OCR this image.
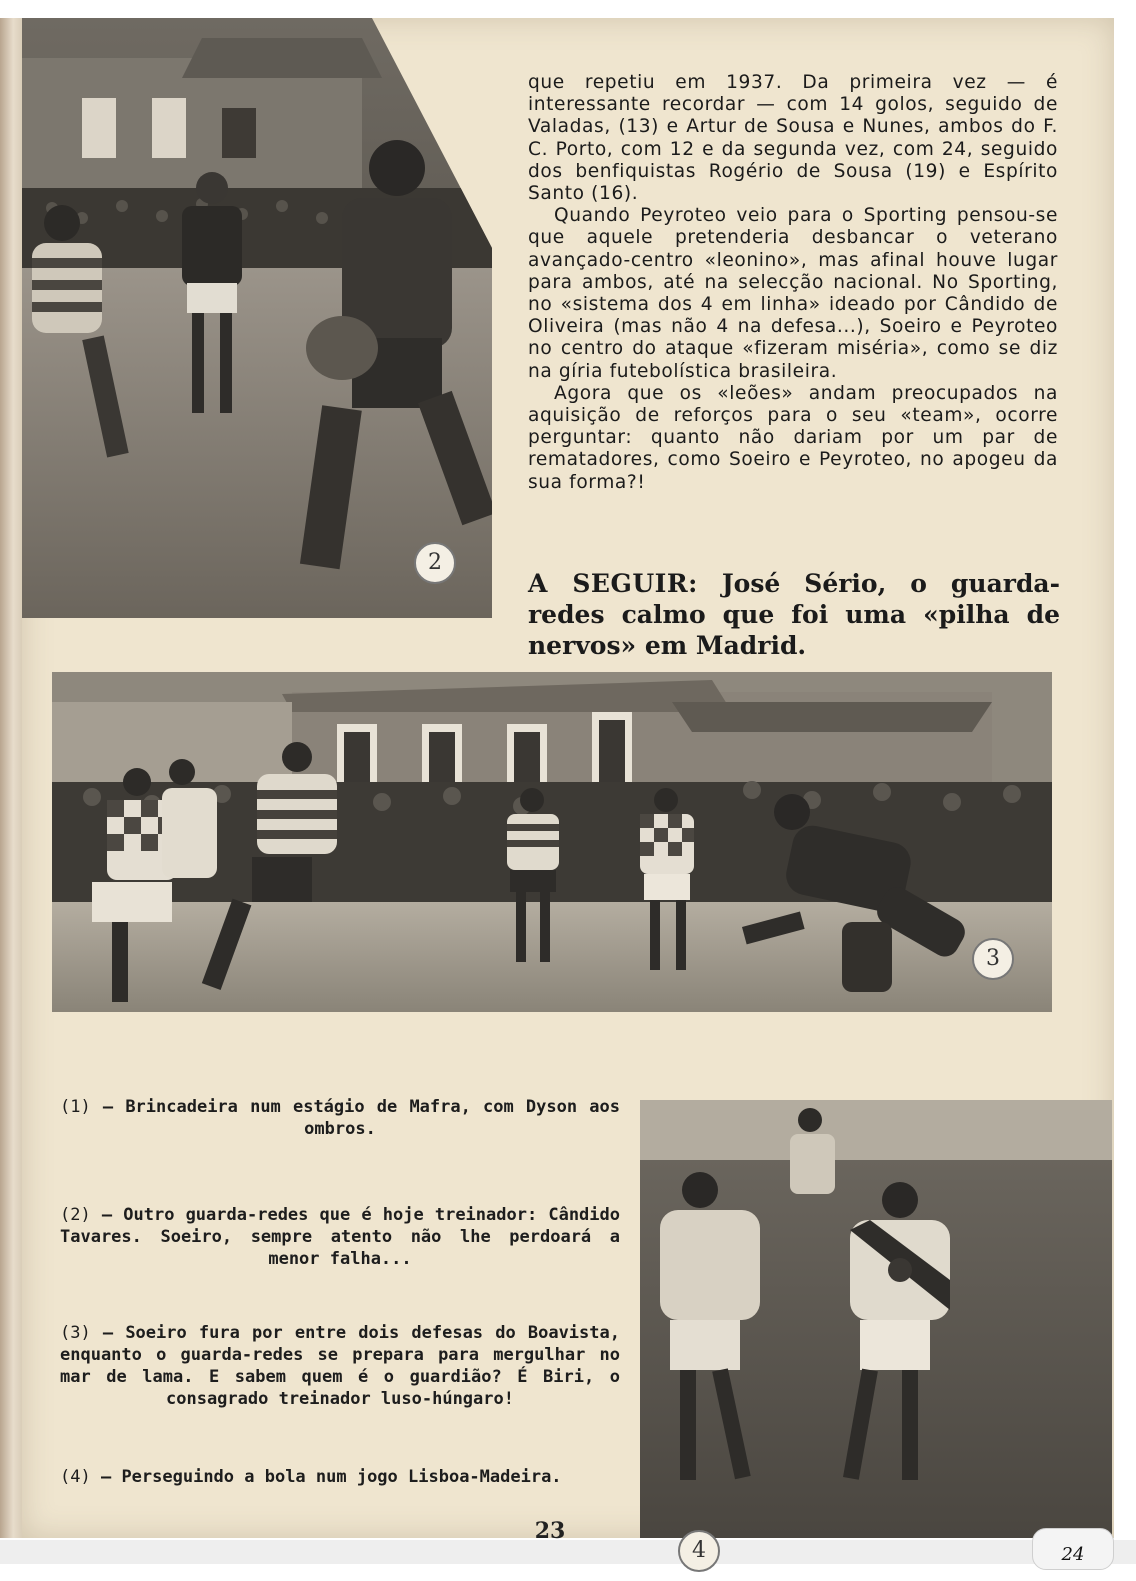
2

que repetiu em 1937. Da primeira vez — é interessante recordar — com 14 golos, seguido de Valadas, (13) e Artur de Sousa e Nunes, ambos do F. C. Porto, com 12 e da segunda vez, com 24, seguido dos benfiquistas Rogério de Sousa (19) e Espírito Santo (16).

Quando Peyroteo veio para o Sporting pensou-se que aquele pretenderia desbancar o veterano avançado-centro «leonino», mas afinal houve lugar para ambos, até na selecção nacional. No Sporting, no «sistema dos 4 em linha» ideado por Cândido de Oliveira (mas não 4 na defesa...), Soeiro e Peyroteo no centro do ataque «fizeram miséria», como se diz na gíria futebolística brasileira.

Agora que os «leões» andam preocupados na aquisição de reforços para o seu «team», ocorre perguntar: quanto não dariam por um par de rematadores, como Soeiro e Peyroteo, no apogeu da sua forma?!

A SEGUIR: José Sério, o guarda-redes calmo que foi uma «pilha de nervos» em Madrid.
3
(1) — Brincadeira num estágio de Mafra, com Dyson aos ombros.
(2) — Outro guarda-redes que é hoje treinador: Cândido Tavares. Soeiro, sempre atento não lhe perdoará a menor falha...
(3) — Soeiro fura por entre dois defesas do Boavista, enquanto o guarda-redes se prepara para mergulhar no mar de lama. E sabem quem é o guardião? É Biri, o consagrado treinador luso-húngaro!
(4) — Perseguindo a bola num jogo Lisboa-Madeira.
4
23
24
